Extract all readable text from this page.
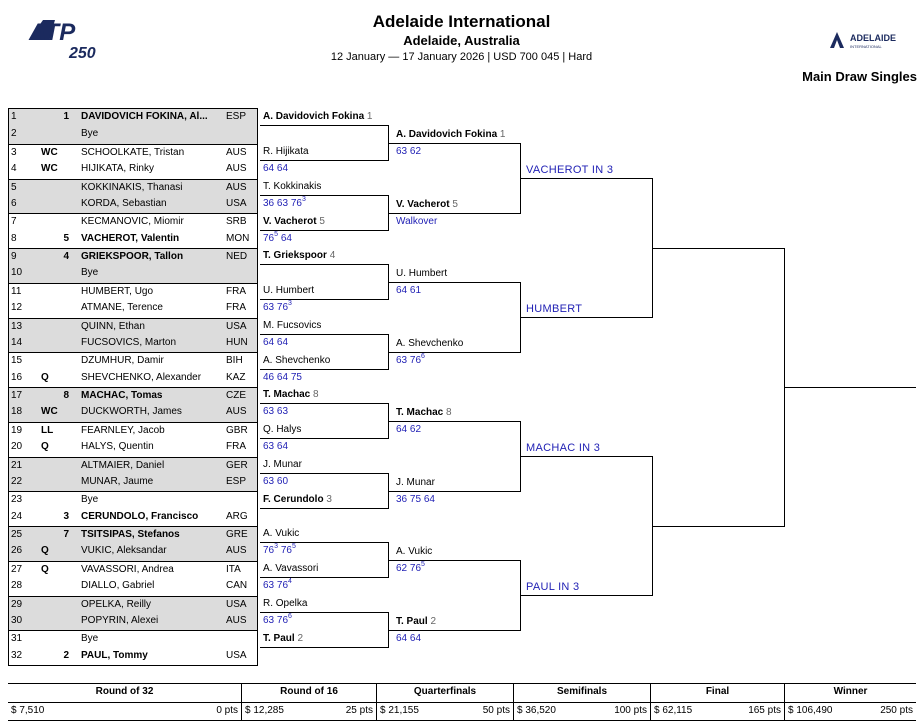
ATP
250
ADELAIDE
INTERNATIONAL
Adelaide International
Adelaide, Australia
12 January — 17 January 2026 | USD 700 045 | Hard
Main Draw Singles
1	1 DAVIDOVICH FOKINA, Al...	ESP
2	Bye
3	WC SCHOOLKATE, Tristan	AUS
4	WC HIJIKATA, Rinky	AUS
5	KOKKINAKIS, Thanasi	AUS
6	KORDA, Sebastian	USA
7	KECMANOVIC, Miomir	SRB
8	5 VACHEROT, Valentin	MON
9	4 GRIEKSPOOR, Tallon	NED
10	Bye
11	HUMBERT, Ugo	FRA
12	ATMANE, Terence	FRA
13	QUINN, Ethan	USA
14	FUCSOVICS, Marton	HUN
15	DZUMHUR, Damir	BIH
16	Q	SHEVCHENKO, Alexander	KAZ
17	8 MACHAC, Tomas	CZE
18	WC DUCKWORTH, James	AUS
19	LL	FEARNLEY, Jacob	GBR
20	Q	HALYS, Quentin	FRA
21	ALTMAIER, Daniel	GER
22	MUNAR, Jaume	ESP
23	Bye
24	3 CERUNDOLO, Francisco	ARG
25	7 TSITSIPAS, Stefanos	GRE
26	Q	VUKIC, Aleksandar	AUS
27	Q	VAVASSORI, Andrea	ITA
28	DIALLO, Gabriel	CAN
29	OPELKA, Reilly	USA
30	POPYRIN, Alexei	AUS
31	Bye
32	2 PAUL, Tommy	USA
A. Davidovich Fokina 1
R. Hijikata
64 64
T. Kokkinakis
36 63 $76^3$
V. Vacherot 5
$76^5$ 64
T. Griekspoor 4
U. Humbert
63 $76^3$
M. Fucsovics
64 64
A. Shevchenko
46 64 75
T. Machac 8
63 63
Q. Halys
63 64
J. Munar
63 60
F. Cerundolo 3
A. Vukic
$76^3$ $76^5$
A. Vavassori
63 $76^4$
R. Opelka
63 $76^6$
T. Paul 2
A. Davidovich Fokina 1
63 62
V. Vacherot 5
Walkover
U. Humbert
64 61
A. Shevchenko
63 $76^6$
T. Machac 8
64 62
J. Munar
36 75 64
A. Vukic
62 $76^5$
T. Paul 2
64 64
VACHEROT IN 3
HUMBERT
MACHAC IN 3
PAUL IN 3
Round of 32
$ 7,510	0 pts
Round of 16
$ 12,285	25 pts
Quarterfinals
$ 21,155	50 pts
Semifinals
$ 36,520	100 pts
Final
$ 62,115	165 pts
Winner
$ 106,490	250 pts
